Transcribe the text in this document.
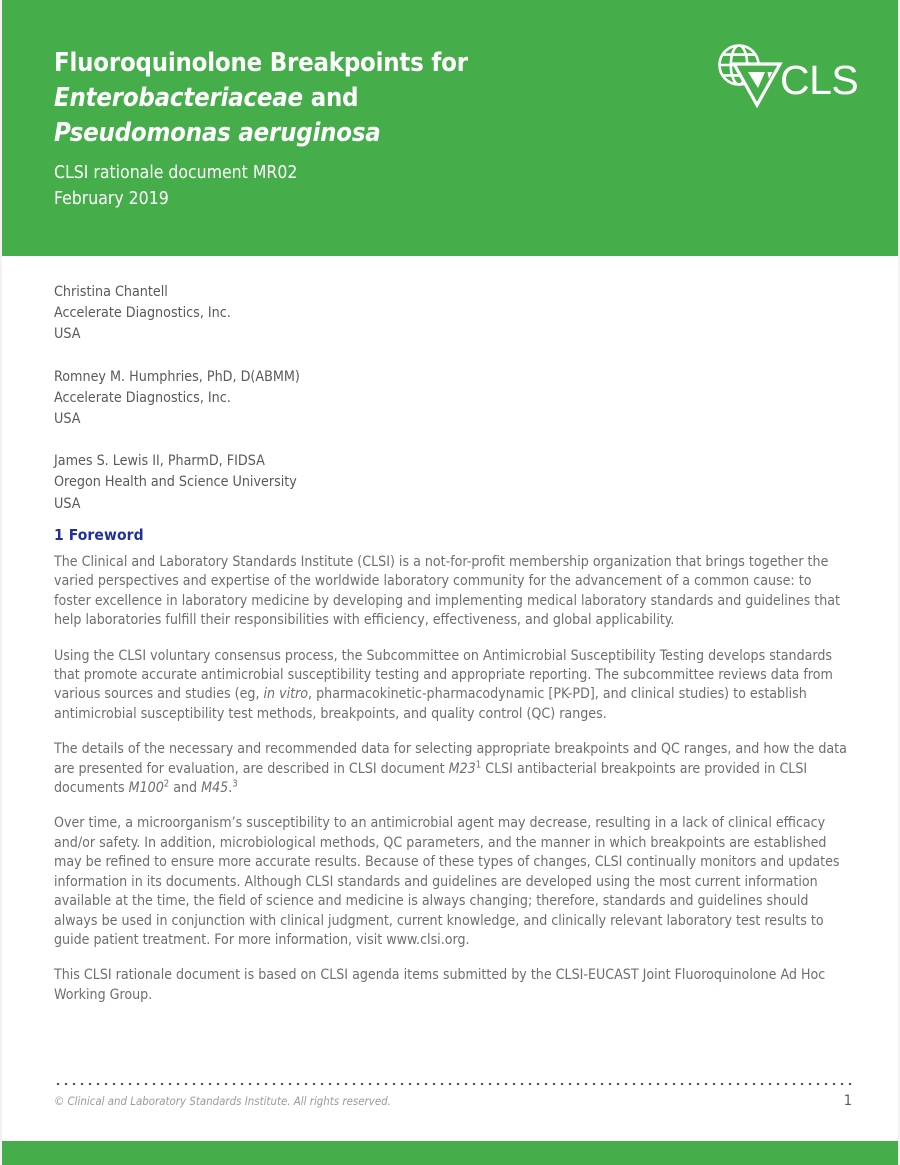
Fluoroquinolone Breakpoints for Enterobacteriaceae and
Pseudomonas aeruginosa
CLSI rationale document MR02
February 2019
CLSI
Christina Chantell
Accelerate Diagnostics, Inc.
USA
Romney M. Humphries, PhD, D(ABMM)
Accelerate Diagnostics, Inc.
USA
James S. Lewis II, PharmD, FIDSA
Oregon Health and Science University
USA
1 Foreword

The Clinical and Laboratory Standards Institute (CLSI) is a not-for-profit membership organization that brings together the varied perspectives and expertise of the worldwide laboratory community for the advancement of a common cause: to foster excellence in laboratory medicine by developing and implementing medical laboratory standards and guidelines that help laboratories fulfill their responsibilities with efficiency, effectiveness, and global applicability.

Using the CLSI voluntary consensus process, the Subcommittee on Antimicrobial Susceptibility Testing develops standards that promote accurate antimicrobial susceptibility testing and appropriate reporting. The subcommittee reviews data from various sources and studies (eg, in vitro, pharmacokinetic-pharmacodynamic [PK-PD], and clinical studies) to establish antimicrobial susceptibility test methods, breakpoints, and quality control (QC) ranges.

The details of the necessary and recommended data for selecting appropriate breakpoints and QC ranges, and how the data are presented for evaluation, are described in CLSI document $M23^1$ CLSI antibacterial breakpoints are provided in CLSI documents $M100^2$ and M45.$^3$

Over time, a microorganism’s susceptibility to an antimicrobial agent may decrease, resulting in a lack of clinical efficacy and/or safety. In addition, microbiological methods, QC parameters, and the manner in which breakpoints are established may be refined to ensure more accurate results. Because of these types of changes, CLSI continually monitors and updates information in its documents. Although CLSI standards and guidelines are developed using the most current information available at the time, the field of science and medicine is always changing; therefore, standards and guidelines should always be used in conjunction with clinical judgment, current knowledge, and clinically relevant laboratory test results to guide patient treatment. For more information, visit www.clsi.org.

This CLSI rationale document is based on CLSI agenda items submitted by the CLSI-EUCAST Joint Fluoroquinolone Ad Hoc Working Group.

© Clinical and Laboratory Standards Institute. All rights reserved.	1
